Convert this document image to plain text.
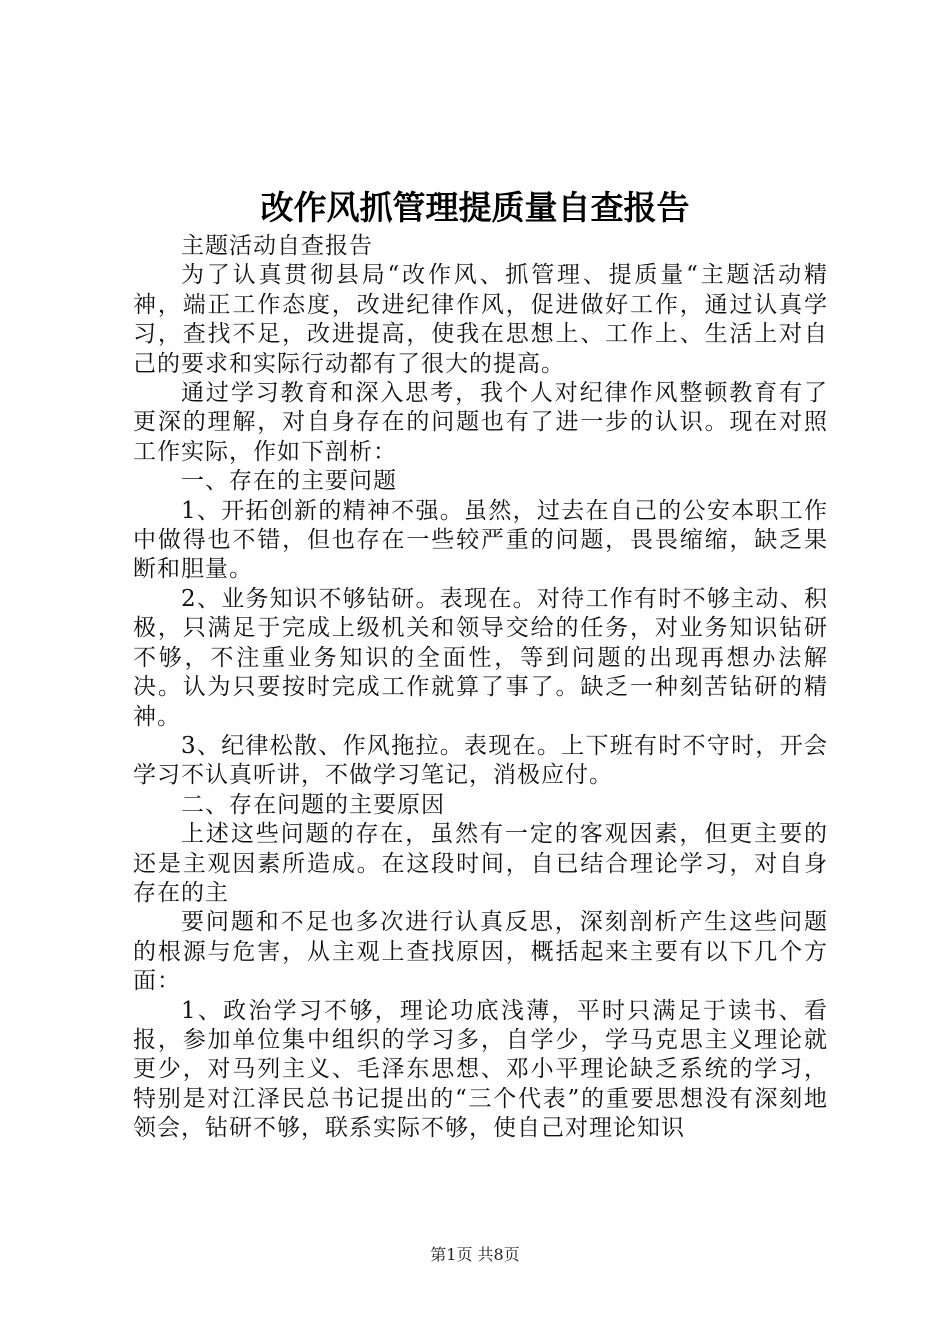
改作风抓管理提质量自查报告

主题活动自查报告

为了认真贯彻县局“改作风、抓管理、提质量“主题活动精神，端正工作态度，改进纪律作风，促进做好工作，通过认真学习，查找不足，改进提高，使我在思想上、工作上、生活上对自己的要求和实际行动都有了很大的提高。

通过学习教育和深入思考，我个人对纪律作风整顿教育有了更深的理解，对自身存在的问题也有了进一步的认识。现在对照工作实际，作如下剖析：

一、存在的主要问题

1、开拓创新的精神不强。虽然，过去在自己的公安本职工作中做得也不错，但也存在一些较严重的问题，畏畏缩缩，缺乏果断和胆量。

2、业务知识不够钻研。表现在。对待工作有时不够主动、积极，只满足于完成上级机关和领导交给的任务，对业务知识钻研不够，不注重业务知识的全面性，等到问题的出现再想办法解决。认为只要按时完成工作就算了事了。缺乏一种刻苦钻研的精神。

3、纪律松散、作风拖拉。表现在。上下班有时不守时，开会学习不认真听讲，不做学习笔记，消极应付。

二、存在问题的主要原因

上述这些问题的存在，虽然有一定的客观因素，但更主要的还是主观因素所造成。在这段时间，自已结合理论学习，对自身存在的主

要问题和不足也多次进行认真反思，深刻剖析产生这些问题的根源与危害，从主观上查找原因，概括起来主要有以下几个方面：

1、政治学习不够，理论功底浅薄，平时只满足于读书、看报，参加单位集中组织的学习多，自学少，学马克思主义理论就更少，对马列主义、毛泽东思想、邓小平理论缺乏系统的学习，特别是对江泽民总书记提出的“三个代表”的重要思想没有深刻地领会，钻研不够，联系实际不够，使自己对理论知识

第1页 共8页
